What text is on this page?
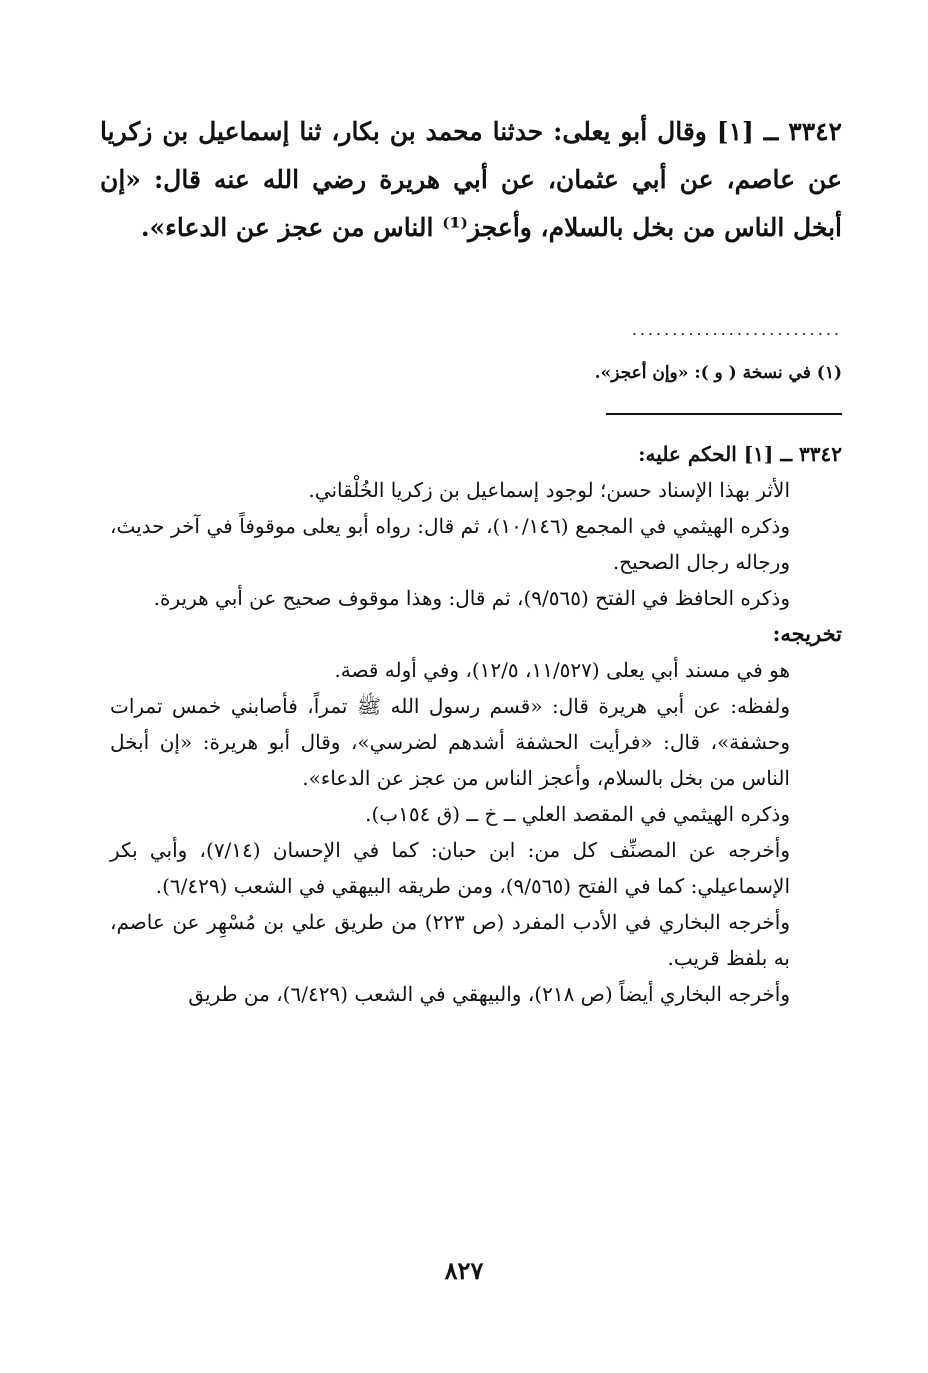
٣٣٤٢ ــ [١] وقال أبو يعلى: حدثنا محمد بن بكار، ثنا إسماعيل بن زكريا عن عاصم، عن أبي عثمان، عن أبي هريرة رضي الله عنه قال: «إن أبخل الناس من بخل بالسلام، وأعجز⁽¹⁾ الناس من عجز عن الدعاء».

..........................
(١) في نسخة ( و ): «وإن أعجز».

٣٣٤٢ ــ [١] الحكم عليه:

الأثر بهذا الإسناد حسن؛ لوجود إسماعيل بن زكريا الخُلْقاني.

وذكره الهيثمي في المجمع (١٠/١٤٦)، ثم قال: رواه أبو يعلى موقوفاً في آخر حديث، ورجاله رجال الصحيح.

وذكره الحافظ في الفتح (٩/٥٦٥)، ثم قال: وهذا موقوف صحيح عن أبي هريرة.

تخريجه:

هو في مسند أبي يعلى (١١/٥٢٧، ١٢/٥)، وفي أوله قصة.

ولفظه: عن أبي هريرة قال: «قسم رسول الله ﷺ تمراً، فأصابني خمس تمرات وحشفة»، قال: «فرأيت الحشفة أشدهم لضرسي»، وقال أبو هريرة: «إن أبخل الناس من بخل بالسلام، وأعجز الناس من عجز عن الدعاء».

وذكره الهيثمي في المقصد العلي ــ خ ــ (ق ١٥٤ب).

وأخرجه عن المصنِّف كل من: ابن حبان: كما في الإحسان (٧/١٤)، وأبي بكر الإسماعيلي: كما في الفتح (٩/٥٦٥)، ومن طريقه البيهقي في الشعب (٦/٤٢٩).

وأخرجه البخاري في الأدب المفرد (ص ٢٢٣) من طريق علي بن مُسْهِر عن عاصم، به بلفظ قريب.

وأخرجه البخاري أيضاً (ص ٢١٨)، والبيهقي في الشعب (٦/٤٢٩)، من طريق

٨٢٧
